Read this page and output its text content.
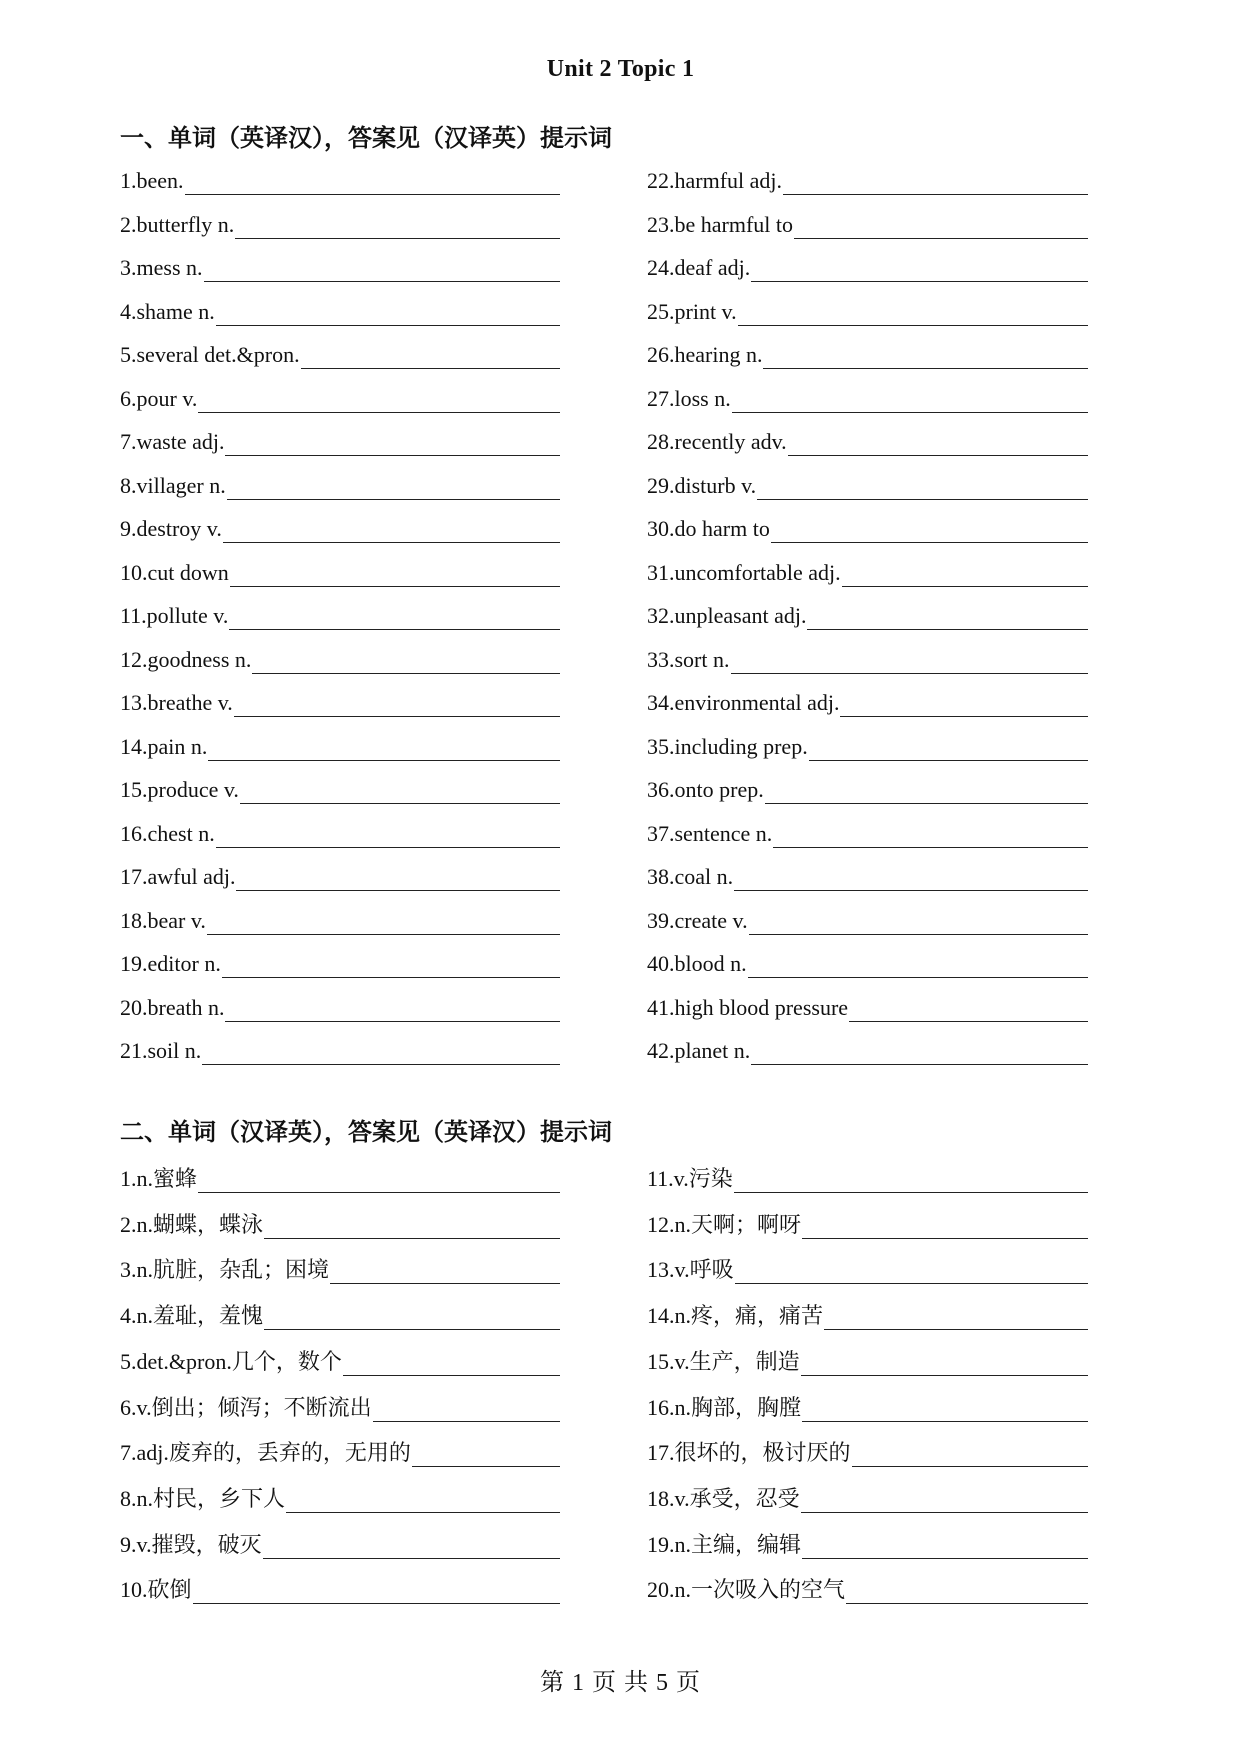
Unit 2 Topic 1
一、单词（英译汉），答案见（汉译英）提示词
1.been.
2.butterfly n.
3.mess n.
4.shame n.
5.several det.&pron.
6.pour v.
7.waste adj.
8.villager n.
9.destroy v.
10.cut down
11.pollute v.
12.goodness n.
13.breathe v.
14.pain n.
15.produce v.
16.chest n.
17.awful adj.
18.bear v.
19.editor n.
20.breath n.
21.soil n.
22.harmful adj.
23.be harmful to
24.deaf adj.
25.print v.
26.hearing n.
27.loss n.
28.recently adv.
29.disturb v.
30.do harm to
31.uncomfortable adj.
32.unpleasant adj.
33.sort n.
34.environmental adj.
35.including prep.
36.onto prep.
37.sentence n.
38.coal n.
39.create v.
40.blood n.
41.high blood pressure
42.planet n.
二、单词（汉译英），答案见（英译汉）提示词
1.n.蜜蜂
2.n.蝴蝶，蝶泳
3.n.肮脏，杂乱；困境
4.n.羞耻，羞愧
5.det.&pron.几个，数个
6.v.倒出；倾泻；不断流出
7.adj.废弃的，丢弃的，无用的
8.n.村民，乡下人
9.v.摧毁，破灭
10.砍倒
11.v.污染
12.n.天啊；啊呀
13.v.呼吸
14.n.疼，痛，痛苦
15.v.生产，制造
16.n.胸部，胸膛
17.很坏的，极讨厌的
18.v.承受，忍受
19.n.主编，编辑
20.n.一次吸入的空气
第 1 页 共 5 页
